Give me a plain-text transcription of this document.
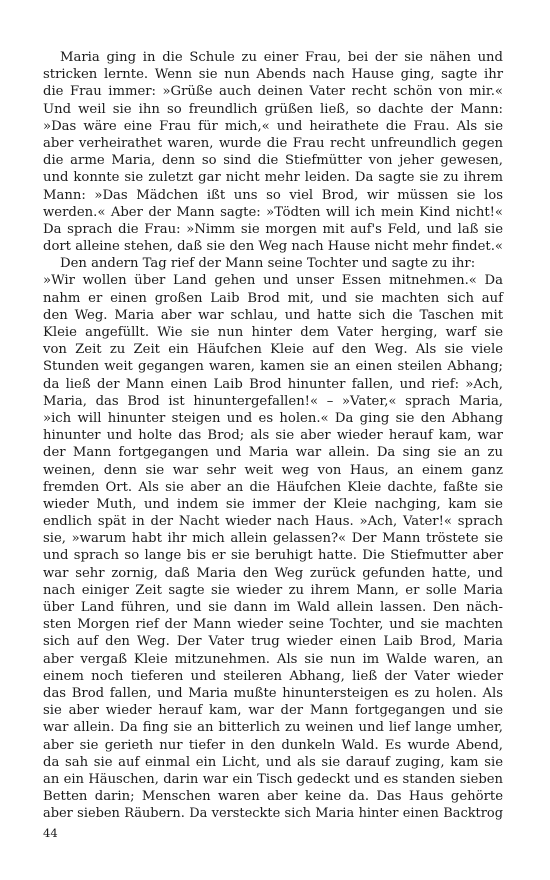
Maria ging in die Schule zu einer Frau, bei der sie nähen und
stricken lernte. Wenn sie nun Abends nach Hause ging, sagte ihr
die Frau immer: »Grüße auch deinen Vater recht schön von mir.«
Und weil sie ihn so freundlich grüßen ließ, so dachte der Mann:
»Das wäre eine Frau für mich,« und heirathete die Frau. Als sie
aber verheirathet waren, wurde die Frau recht unfreundlich gegen
die arme Maria, denn so sind die Stiefmütter von jeher gewesen,
und konnte sie zuletzt gar nicht mehr leiden. Da sagte sie zu ihrem
Mann: »Das Mädchen ißt uns so viel Brod, wir müssen sie los
werden.« Aber der Mann sagte: »Tödten will ich mein Kind nicht!«
Da sprach die Frau: »Nimm sie morgen mit auf's Feld, und laß sie
dort alleine stehen, daß sie den Weg nach Hause nicht mehr findet.«
Den andern Tag rief der Mann seine Tochter und sagte zu ihr:
»Wir wollen über Land gehen und unser Essen mitnehmen.« Da
nahm er einen großen Laib Brod mit, und sie machten sich auf
den Weg. Maria aber war schlau, und hatte sich die Taschen mit
Kleie angefüllt. Wie sie nun hinter dem Vater herging, warf sie
von Zeit zu Zeit ein Häufchen Kleie auf den Weg. Als sie viele
Stunden weit gegangen waren, kamen sie an einen steilen Abhang;
da ließ der Mann einen Laib Brod hinunter fallen, und rief: »Ach,
Maria, das Brod ist hinuntergefallen!« – »Vater,« sprach Maria,
»ich will hinunter steigen und es holen.« Da ging sie den Abhang
hinunter und holte das Brod; als sie aber wieder herauf kam, war
der Mann fortgegangen und Maria war allein. Da sing sie an zu
weinen, denn sie war sehr weit weg von Haus, an einem ganz
fremden Ort. Als sie aber an die Häufchen Kleie dachte, faßte sie
wieder Muth, und indem sie immer der Kleie nachging, kam sie
endlich spät in der Nacht wieder nach Haus. »Ach, Vater!« sprach
sie, »warum habt ihr mich allein gelassen?« Der Mann tröstete sie
und sprach so lange bis er sie beruhigt hatte. Die Stiefmutter aber
war sehr zornig, daß Maria den Weg zurück gefunden hatte, und
nach einiger Zeit sagte sie wieder zu ihrem Mann, er solle Maria
über Land führen, und sie dann im Wald allein lassen. Den näch-
sten Morgen rief der Mann wieder seine Tochter, und sie machten
sich auf den Weg. Der Vater trug wieder einen Laib Brod, Maria
aber vergaß Kleie mitzunehmen. Als sie nun im Walde waren, an
einem noch tieferen und steileren Abhang, ließ der Vater wieder
das Brod fallen, und Maria mußte hinuntersteigen es zu holen. Als
sie aber wieder herauf kam, war der Mann fortgegangen und sie
war allein. Da fing sie an bitterlich zu weinen und lief lange umher,
aber sie gerieth nur tiefer in den dunkeln Wald. Es wurde Abend,
da sah sie auf einmal ein Licht, und als sie darauf zuging, kam sie
an ein Häuschen, darin war ein Tisch gedeckt und es standen sieben
Betten darin; Menschen waren aber keine da. Das Haus gehörte
aber sieben Räubern. Da versteckte sich Maria hinter einen Backtrog
44
